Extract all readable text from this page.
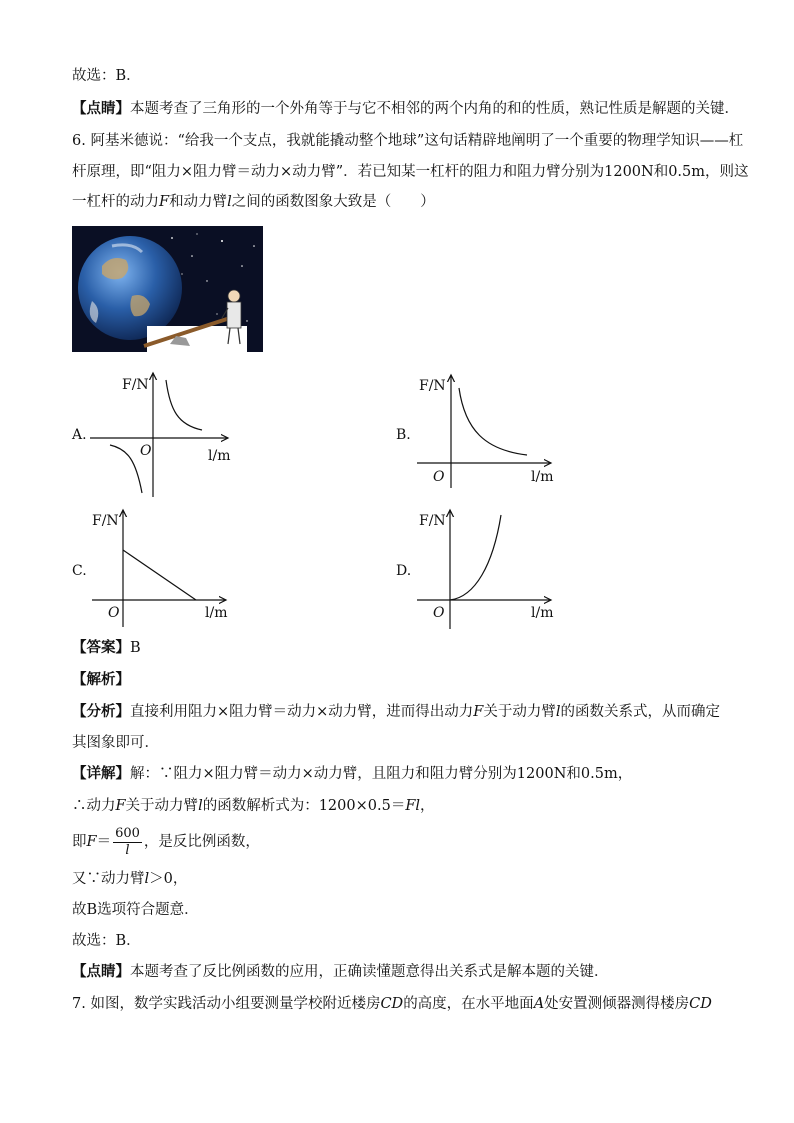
故选：B．
【点睛】本题考查了三角形的一个外角等于与它不相邻的两个内角的和的性质，熟记性质是解题的关键．
6. 阿基米德说：“给我一个支点，我就能撬动整个地球”这句话精辟地阐明了一个重要的物理学知识——杠
杆原理，即“阻力×阻力臂＝动力×动力臂”．若已知某一杠杆的阻力和阻力臂分别为1200N和0.5m，则这
一杠杆的动力F和动力臂l之间的函数图象大致是（　　）
A.
F/N
O	l/m
B.
F/N
O	l/m
C.
F/N
O	l/m
D.
F/N
O	l/m
【答案】B
【解析】
【分析】直接利用阻力×阻力臂＝动力×动力臂，进而得出动力F关于动力臂l的函数关系式，从而确定
其图象即可．
【详解】解：∵阻力×阻力臂＝动力×动力臂，且阻力和阻力臂分别为1200N和0.5m，
∴动力F关于动力臂l的函数解析式为：1200×0.5＝Fl，
即$F= \frac{600}{l}$ ，是反比例函数，
又∵动力臂l＞0，
故B选项符合题意．
故选：B．
【点睛】本题考查了反比例函数的应用，正确读懂题意得出关系式是解本题的关键．
7. 如图，数学实践活动小组要测量学校附近楼房CD的高度，在水平地面A处安置测倾器测得楼房CD
